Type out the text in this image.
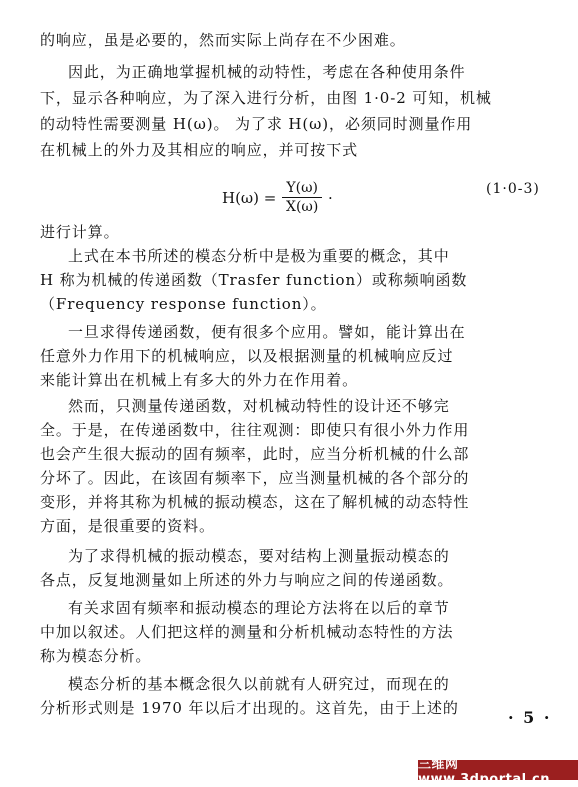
的响应，虽是必要的，然而实际上尚存在不少困难。
因此，为正确地掌握机械的动特性，考虑在各种使用条件
下，显示各种响应，为了深入进行分析，由图 1·0-2 可知，机械
的动特性需要测量 H(ω)。 为了求 H(ω)，必须同时测量作用
在机械上的外力及其相应的响应，并可按下式
$H(\omega) = \frac{Y(\omega)}{X(\omega)}$ ·	(1·0-3)
进行计算。
上式在本书所述的模态分析中是极为重要的概念，其中
H 称为机械的传递函数（Trasfer function）或称频响函数
（Frequency response function）。
一旦求得传递函数，便有很多个应用。譬如，能计算出在
任意外力作用下的机械响应，以及根据测量的机械响应反过
来能计算出在机械上有多大的外力在作用着。
然而，只测量传递函数，对机械动特性的设计还不够完
全。于是，在传递函数中，往往观测：即使只有很小外力作用
也会产生很大振动的固有频率，此时，应当分析机械的什么部
分坏了。因此，在该固有频率下，应当测量机械的各个部分的
变形，并将其称为机械的振动模态，这在了解机械的动态特性
方面，是很重要的资料。
为了求得机械的振动模态，要对结构上测量振动模态的
各点，反复地测量如上所述的外力与响应之间的传递函数。
有关求固有频率和振动模态的理论方法将在以后的章节
中加以叙述。人们把这样的测量和分析机械动态特性的方法
称为模态分析。
模态分析的基本概念很久以前就有人研究过，而现在的
分析形式则是 1970 年以后才出现的。这首先，由于上述的	· 5 ·
三维网 www.3dportal.cn
